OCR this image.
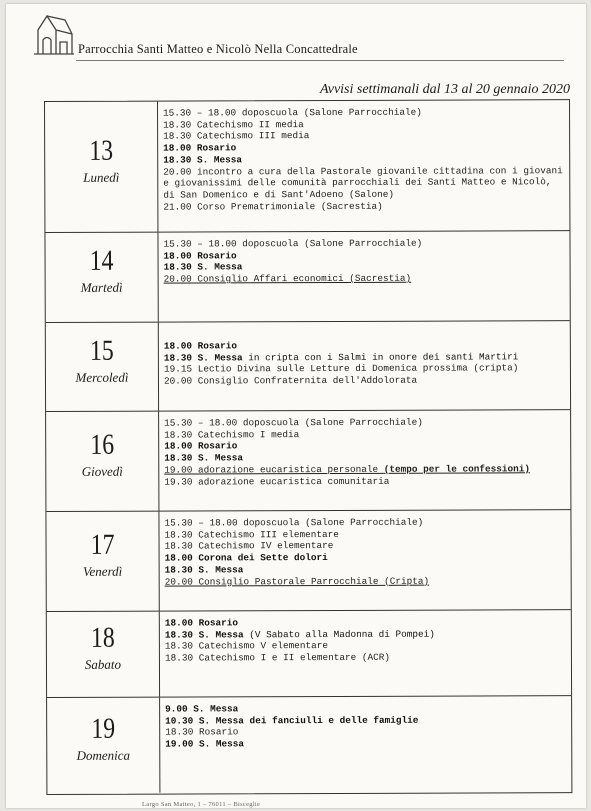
Parrocchia Santi Matteo e Nicolò Nella Concattedrale
Avvisi settimanali dal 13 al 20 gennaio 2020
13
Lunedì
15.30 – 18.00 doposcuola (Salone Parrocchiale)
18.30 Catechismo II media
18.30 Catechismo III media
18.00 Rosario
18.30 S. Messa
20.00 incontro a cura della Pastorale giovanile cittadina con i giovani e giovanissimi delle comunità parrocchiali dei Santi Matteo e Nicolò, di San Domenico e di Sant'Adoeno (Salone)
21.00 Corso Prematrimoniale (Sacrestia)
14
Martedì
15.30 – 18.00 doposcuola (Salone Parrocchiale)
18.00 Rosario
18.30 S. Messa
20.00 Consiglio Affari economici (Sacrestia)
15
Mercoledì
18.00 Rosario
18.30 S. Messa in cripta con i Salmi in onore dei santi Martiri
19.15 Lectio Divina sulle Letture di Domenica prossima (cripta)
20.00 Consiglio Confraternita dell'Addolorata
16
Giovedì
15.30 – 18.00 doposcuola (Salone Parrocchiale)
18.30 Catechismo I media
18.00 Rosario
18.30 S. Messa
19.00 adorazione eucaristica personale (tempo per le confessioni)
19.30 adorazione eucaristica comunitaria
17
Venerdì
15.30 – 18.00 doposcuola (Salone Parrocchiale)
18.30 Catechismo III elementare
18.30 Catechismo IV elementare
18.00 Corona dei Sette dolori
18.30 S. Messa
20.00 Consiglio Pastorale Parrocchiale (Cripta)
18
Sabato
18.00 Rosario
18.30 S. Messa (V Sabato alla Madonna di Pompei)
18.30 Catechismo V elementare
18.30 Catechismo I e II elementare (ACR)
19
Domenica
9.00 S. Messa
10.30 S. Messa dei fanciulli e delle famiglie
18.30 Rosario
19.00 S. Messa
Largo San Matteo, 1 – 76011 – Bisceglie
